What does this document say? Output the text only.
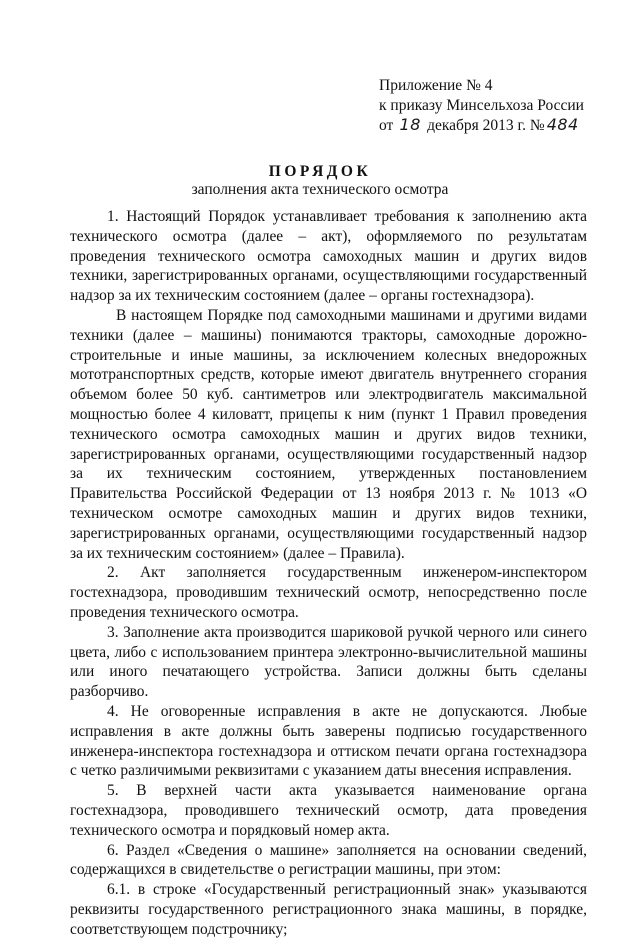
Приложение № 4
к приказу Минсельхоза России
от 18 декабря 2013 г. № 484
ПОРЯДОК
заполнения акта технического осмотра

1. Настоящий Порядок устанавливает требования к заполнению акта технического осмотра (далее – акт), оформляемого по результатам проведения технического осмотра самоходных машин и других видов техники, зарегистрированных органами, осуществляющими государственный надзор за их техническим состоянием (далее – органы гостехнадзора).

В настоящем Порядке под самоходными машинами и другими видами техники (далее – машины) понимаются тракторы, самоходные дорожно-строительные и иные машины, за исключением колесных внедорожных мототранспортных средств, которые имеют двигатель внутреннего сгорания объемом более 50 куб. сантиметров или электродвигатель максимальной мощностью более 4 киловатт, прицепы к ним (пункт 1 Правил проведения технического осмотра самоходных машин и других видов техники, зарегистрированных органами, осуществляющими государственный надзор за их техническим состоянием, утвержденных постановлением Правительства Российской Федерации от 13 ноября 2013 г. № 1013 «О техническом осмотре самоходных машин и других видов техники, зарегистрированных органами, осуществляющими государственный надзор за их техническим состоянием» (далее – Правила).

2. Акт заполняется государственным инженером-инспектором гостехнадзора, проводившим технический осмотр, непосредственно после проведения технического осмотра.

3. Заполнение акта производится шариковой ручкой черного или синего цвета, либо с использованием принтера электронно-вычислительной машины или иного печатающего устройства. Записи должны быть сделаны разборчиво.

4. Не оговоренные исправления в акте не допускаются. Любые исправления в акте должны быть заверены подписью государственного инженера-инспектора гостехнадзора и оттиском печати органа гостехнадзора с четко различимыми реквизитами с указанием даты внесения исправления.

5. В верхней части акта указывается наименование органа гостехнадзора, проводившего технический осмотр, дата проведения технического осмотра и порядковый номер акта.

6. Раздел «Сведения о машине» заполняется на основании сведений, содержащихся в свидетельстве о регистрации машины, при этом:

6.1. в строке «Государственный регистрационный знак» указываются реквизиты государственного регистрационного знака машины, в порядке, соответствующем подстрочнику;
